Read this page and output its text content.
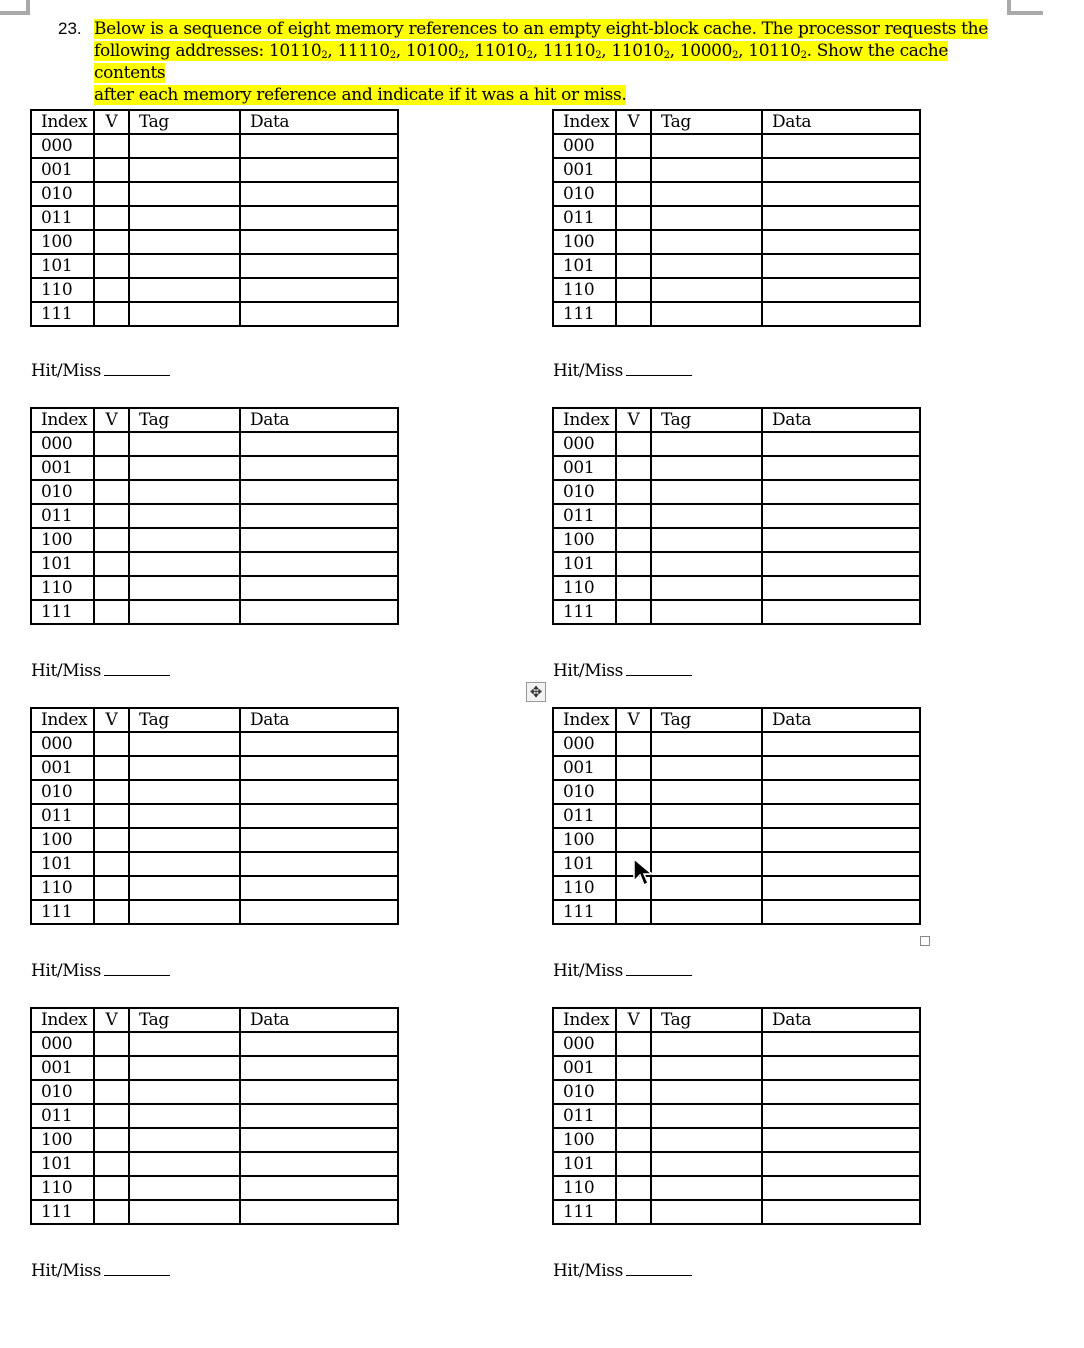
23. Below is a sequence of eight memory references to an empty eight-block cache. The processor requests the
following addresses: $10110_2$, $11110_2$, $10100_2$, $11010_2$, $11110_2$, $11010_2$, $10000_2$, $10110_2$. Show the cache contents
after each memory reference and indicate if it was a hit or miss.
Index	V	Tag	Data
000			
001			
010			
011			
100			
101			
110			
111			
Hit/Miss
Index	V	Tag	Data
000			
001			
010			
011			
100			
101			
110			
111			
Hit/Miss
Index	V	Tag	Data
000			
001			
010			
011			
100			
101			
110			
111			
Hit/Miss
Index	V	Tag	Data
000			
001			
010			
011			
100			
101			
110			
111			
Hit/Miss
Index	V	Tag	Data
000			
001			
010			
011			
100			
101			
110			
111			
Hit/Miss
Index	V	Tag	Data
000			
001			
010			
011			
100			
101			
110			
111			
Hit/Miss
Index	V	Tag	Data
000			
001			
010			
011			
100			
101			
110			
111			
Hit/Miss
Index	V	Tag	Data
000			
001			
010			
011			
100			
101			
110			
111			
Hit/Miss
✥
